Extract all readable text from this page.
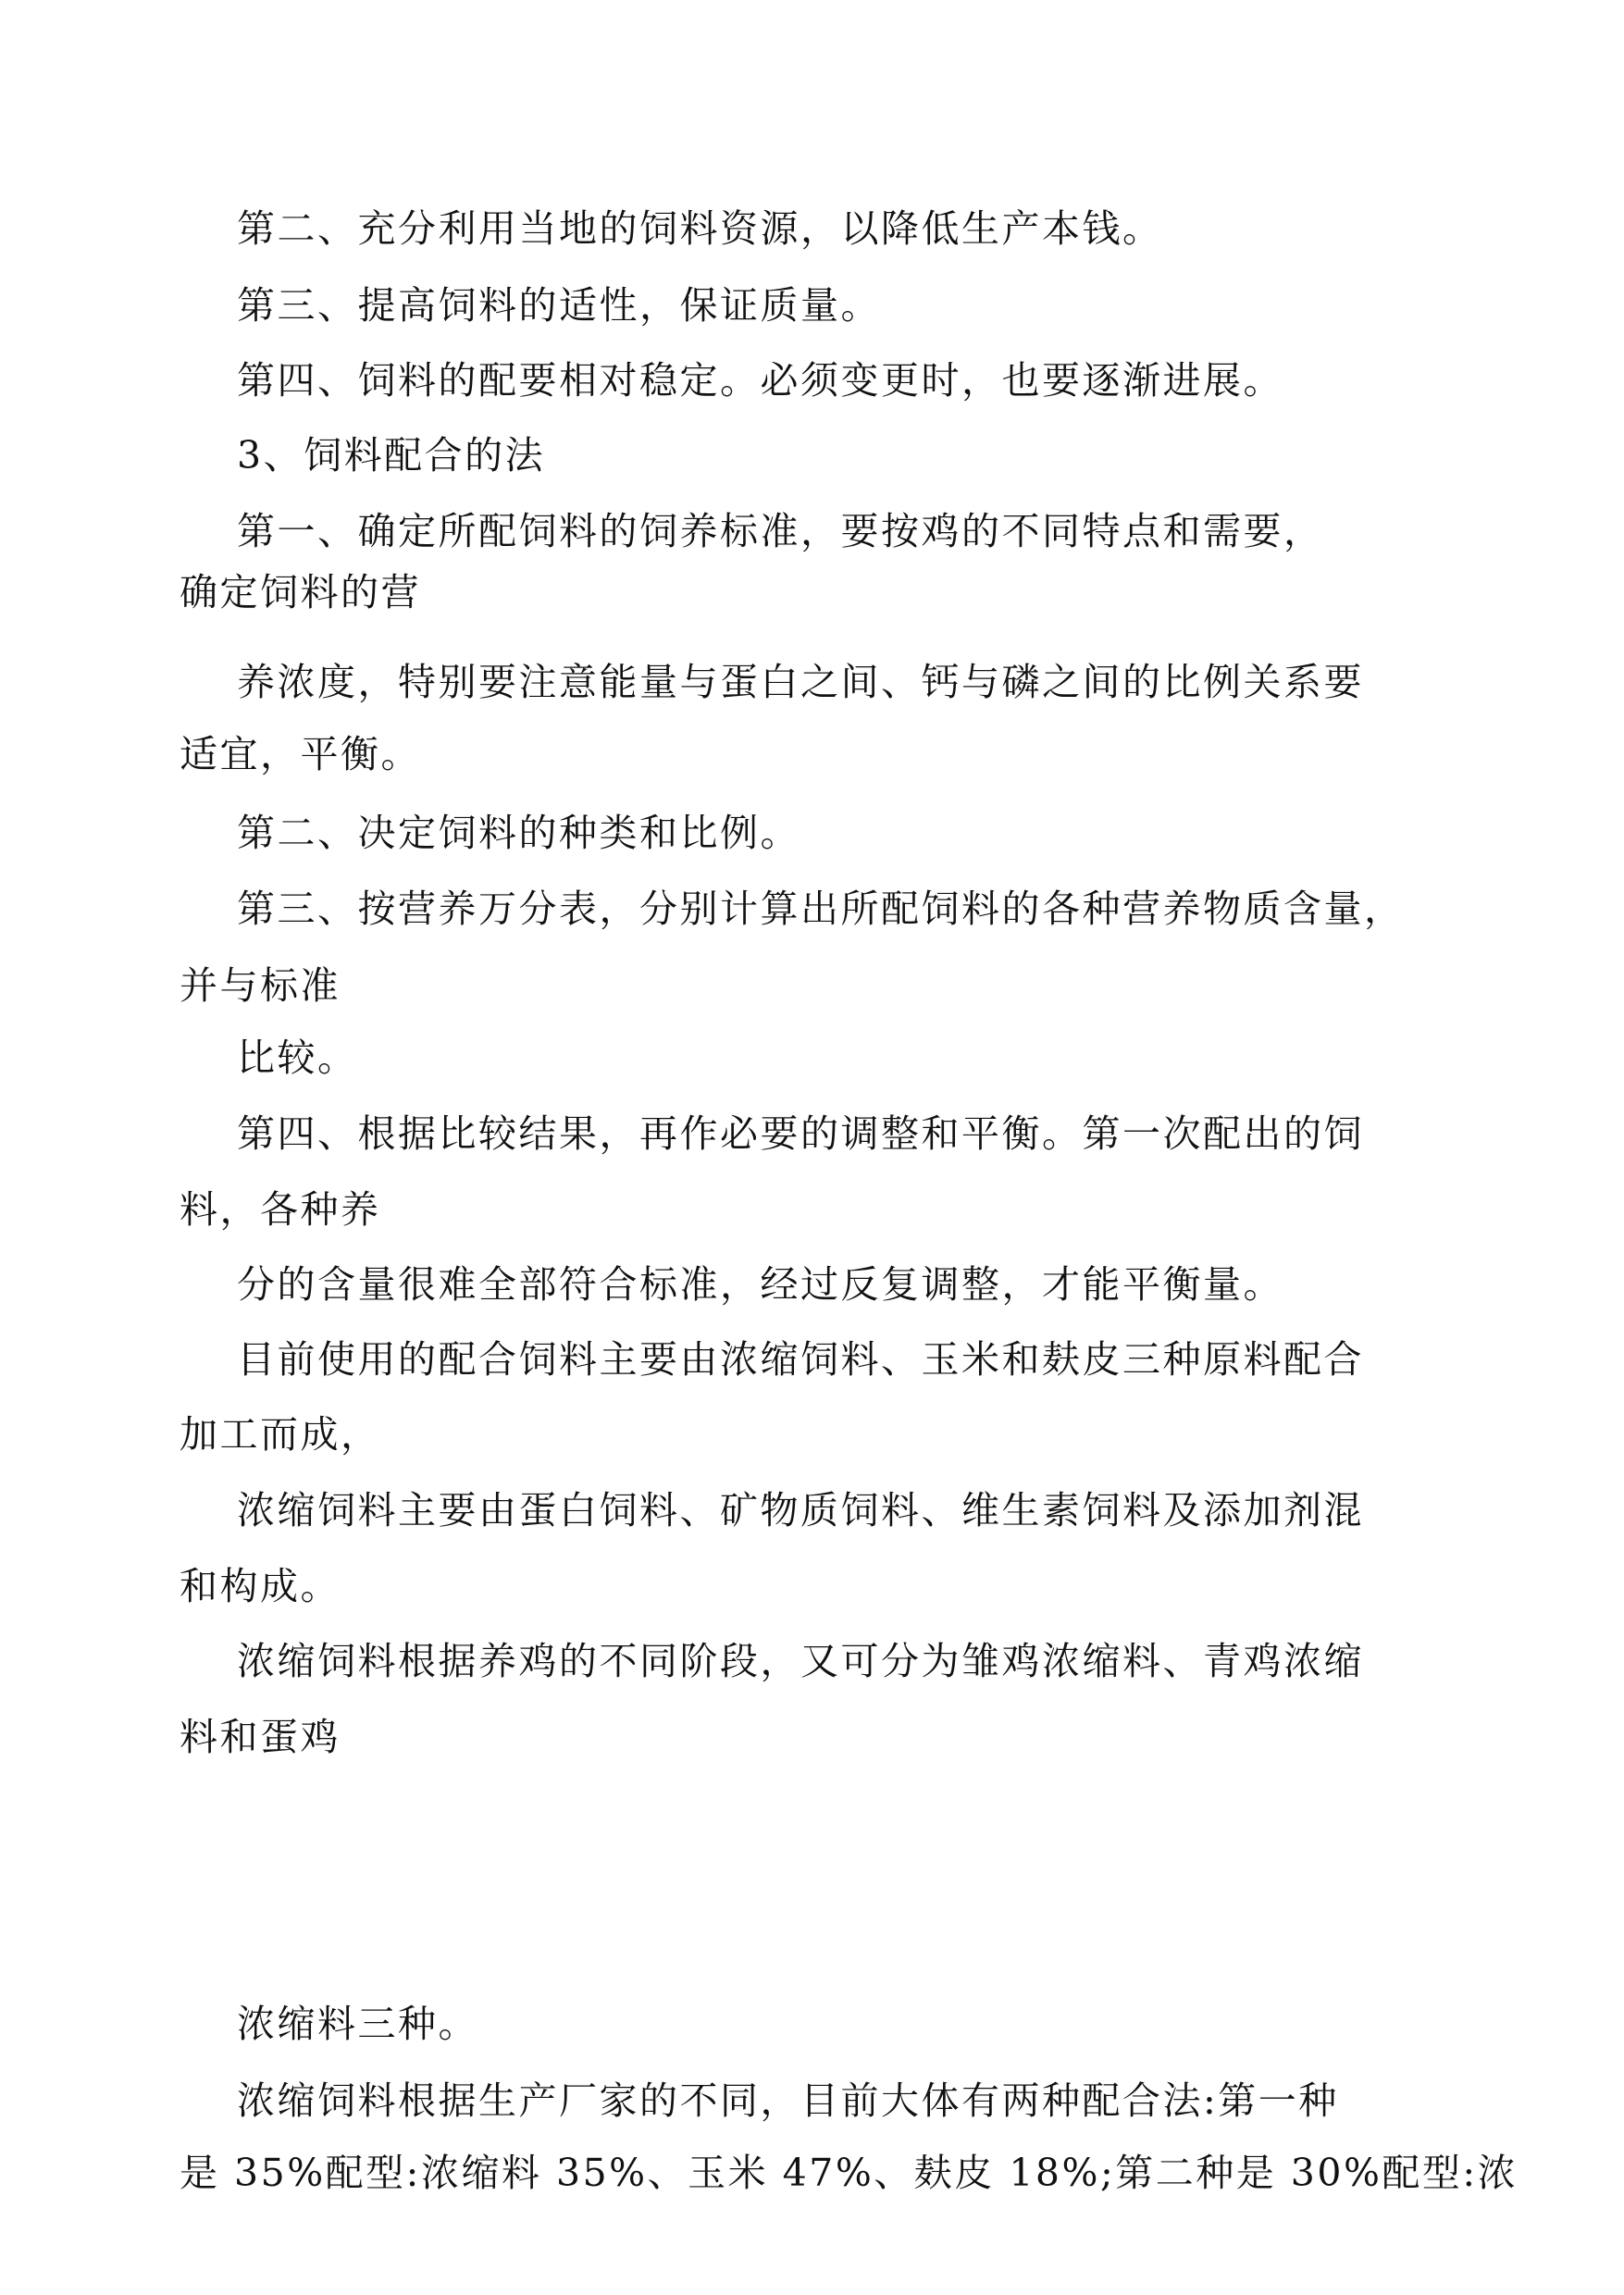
第二、充分利用当地的饲料资源，以降低生产本钱。
第三、提高饲料的适性，保证质量。
第四、饲料的配要相对稳定。必须变更时，也要逐渐进展。
3、饲料配合的法
第一、确定所配饲料的饲养标准，要按鸡的不同特点和需要，
确定饲料的营
养浓度，特别要注意能量与蛋白之间、钙与磷之间的比例关系要
适宜，平衡。
第二、决定饲料的种类和比例。
第三、按营养万分表，分别计算出所配饲料的各种营养物质含量，
并与标准
比较。
第四、根据比较结果，再作必要的调整和平衡。第一次配出的饲
料，各种养
分的含量很难全部符合标准，经过反复调整，才能平衡量。
目前使用的配合饲料主要由浓缩饲料、玉米和麸皮三种原料配合
加工而成，
浓缩饲料主要由蛋白饲料、矿物质饲料、维生素饲料及添加剂混
和构成。
浓缩饲料根据养鸡的不同阶段，又可分为雏鸡浓缩料、青鸡浓缩
料和蛋鸡
浓缩料三种。
浓缩饲料根据生产厂家的不同，目前大体有两种配合法:第一种
是 35%配型:浓缩料 35%、玉米 47%、麸皮 18%;第二种是 30%配型:浓
